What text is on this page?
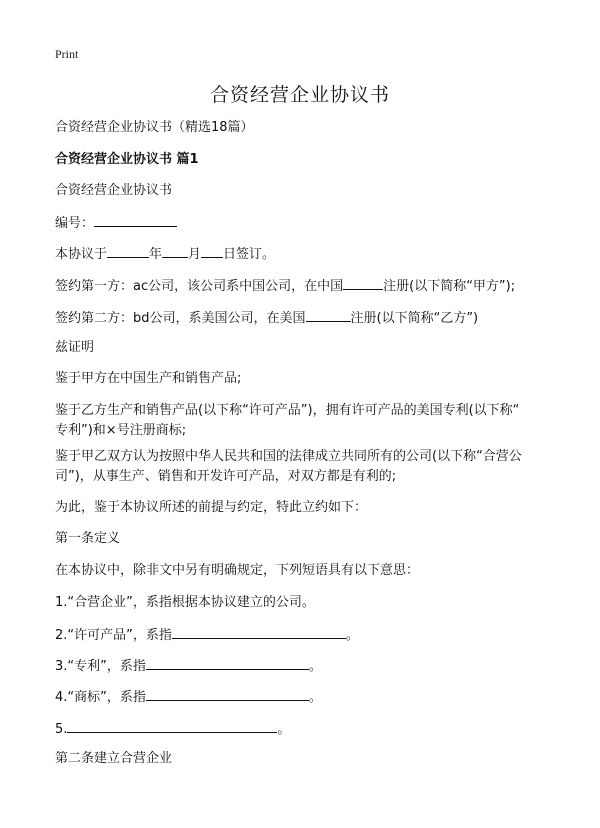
Print
合资经营企业协议书
合资经营企业协议书（精选18篇）
合资经营企业协议书 篇1
合资经营企业协议书
编号：
本协议于	年 月 日签订。
签约第一方：ac公司，该公司系中国公司，在中国	注册(以下简称“甲方”);
签约第二方：bd公司，系美国公司，在美国	注册(以下简称“乙方”)
兹证明
鉴于甲方在中国生产和销售产品;
鉴于乙方生产和销售产品(以下称“许可产品”)，拥有许可产品的美国专利(以下称“
专利”)和×号注册商标;
鉴于甲乙双方认为按照中华人民共和国的法律成立共同所有的公司(以下称“合营公
司”)，从事生产、销售和开发许可产品，对双方都是有利的;
为此，鉴于本协议所述的前提与约定，特此立约如下：
第一条定义
在本协议中，除非文中另有明确规定，下列短语具有以下意思：
1.“合营企业”，系指根据本协议建立的公司。
2.“许可产品”，系指	。
3.“专利”，系指	。
4.“商标”，系指	。
5.	。
第二条建立合营企业
